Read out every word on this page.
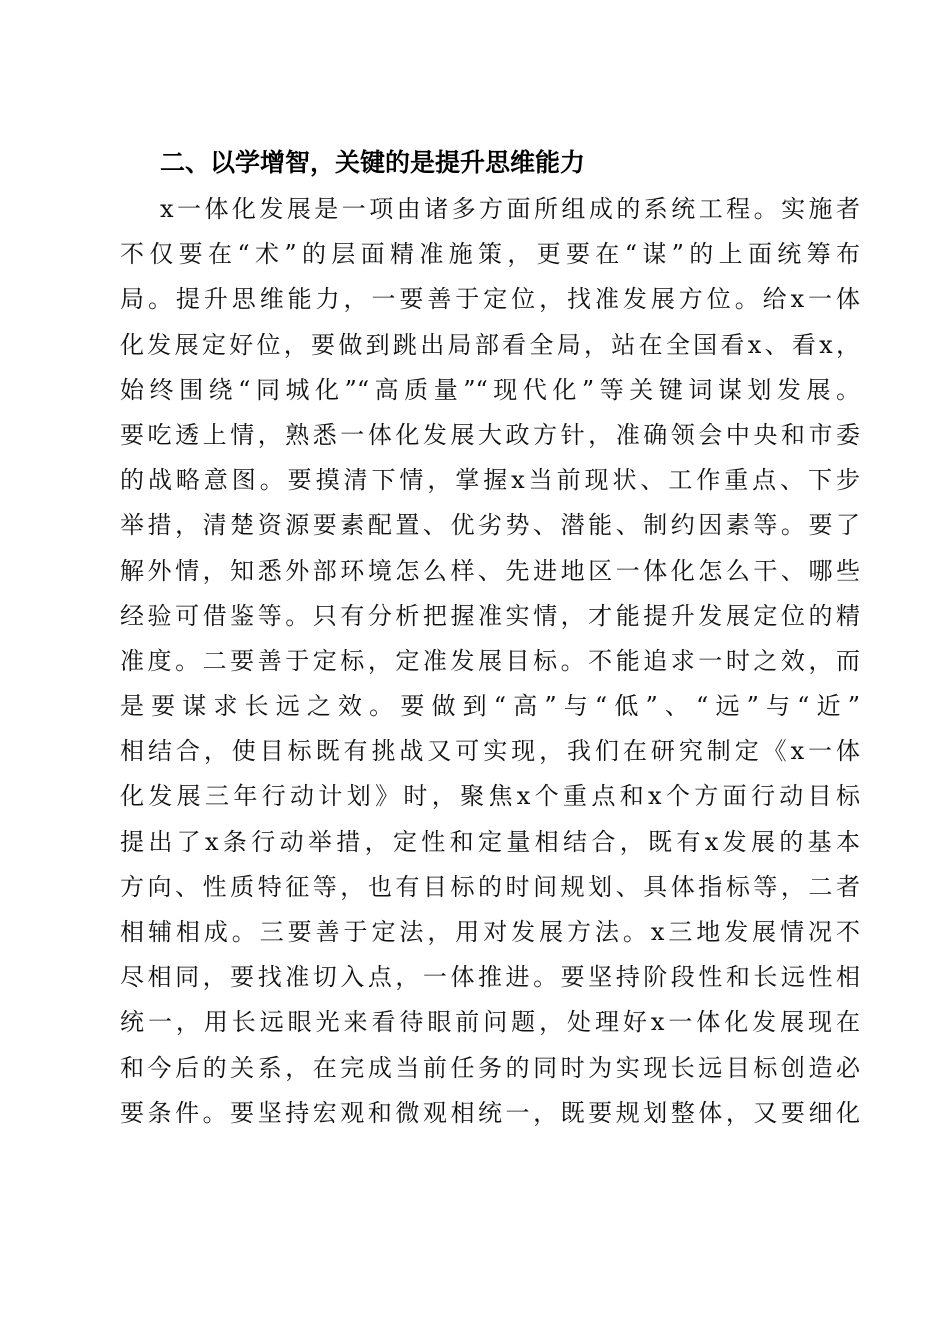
二、以学增智，关键的是提升思维能力
x一体化发展是一项由诸多方面所组成的系统工程。实施者
不仅要在“术”的层面精准施策，更要在“谋”的上面统筹布
局。提升思维能力，一要善于定位，找准发展方位。给x一体
化发展定好位，要做到跳出局部看全局，站在全国看x、看x，
始终围绕“同城化”“高质量”“现代化”等关键词谋划发展。
要吃透上情，熟悉一体化发展大政方针，准确领会中央和市委
的战略意图。要摸清下情，掌握x当前现状、工作重点、下步
举措，清楚资源要素配置、优劣势、潜能、制约因素等。要了
解外情，知悉外部环境怎么样、先进地区一体化怎么干、哪些
经验可借鉴等。只有分析把握准实情，才能提升发展定位的精
准度。二要善于定标，定准发展目标。不能追求一时之效，而
是要谋求长远之效。要做到“高”与“低”、“远”与“近”
相结合，使目标既有挑战又可实现，我们在研究制定《x一体
化发展三年行动计划》时，聚焦x个重点和x个方面行动目标
提出了x条行动举措，定性和定量相结合，既有x发展的基本
方向、性质特征等，也有目标的时间规划、具体指标等，二者
相辅相成。三要善于定法，用对发展方法。x三地发展情况不
尽相同，要找准切入点，一体推进。要坚持阶段性和长远性相
统一，用长远眼光来看待眼前问题，处理好x一体化发展现在
和今后的关系，在完成当前任务的同时为实现长远目标创造必
要条件。要坚持宏观和微观相统一，既要规划整体，又要细化
